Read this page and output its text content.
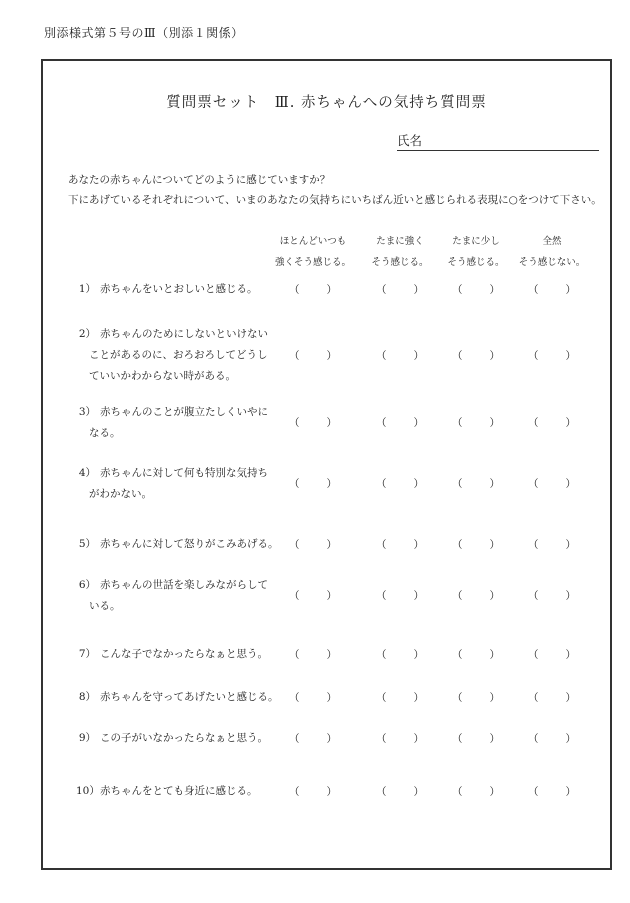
別添様式第５号のⅢ（別添１関係）
質問票セット　Ⅲ. 赤ちゃんへの気持ち質問票
氏名
あなたの赤ちゃんについてどのように感じていますか？
下にあげているそれぞれについて、いまのあなたの気持ちにいちばん近いと感じられる表現に○をつけて下さい。
ほとんどいつも
強くそう感じる。
たまに強く
そう感じる。
たまに少し
そう感じる。
全然
そう感じない。
1） 赤ちゃんをいとおしいと感じる。	（	）	（	）	（	）	（	）
2） 赤ちゃんのためにしないといけない
ことがあるのに、おろおろしてどうし
ていいかわからない時がある。
（	）	（	）	（	）	（	）
3） 赤ちゃんのことが腹立たしくいやに
なる。
（	）	（	）	（	）	（	）
4） 赤ちゃんに対して何も特別な気持ち
がわかない。
（	）	（	）	（	）	（	）
5） 赤ちゃんに対して怒りがこみあげる。 （	）	（	）	（	）	（	）
6） 赤ちゃんの世話を楽しみながらして
いる。
（	）	（	）	（	）	（	）
7） こんな子でなかったらなぁと思う。 （	）	（	）	（	）	（	）
8） 赤ちゃんを守ってあげたいと感じる。 （	）	（	）	（	）	（	）
9） この子がいなかったらなぁと思う。 （	）	（	）	（	）	（	）
10）赤ちゃんをとても身近に感じる。	（	）	（	）	（	）	（	）
